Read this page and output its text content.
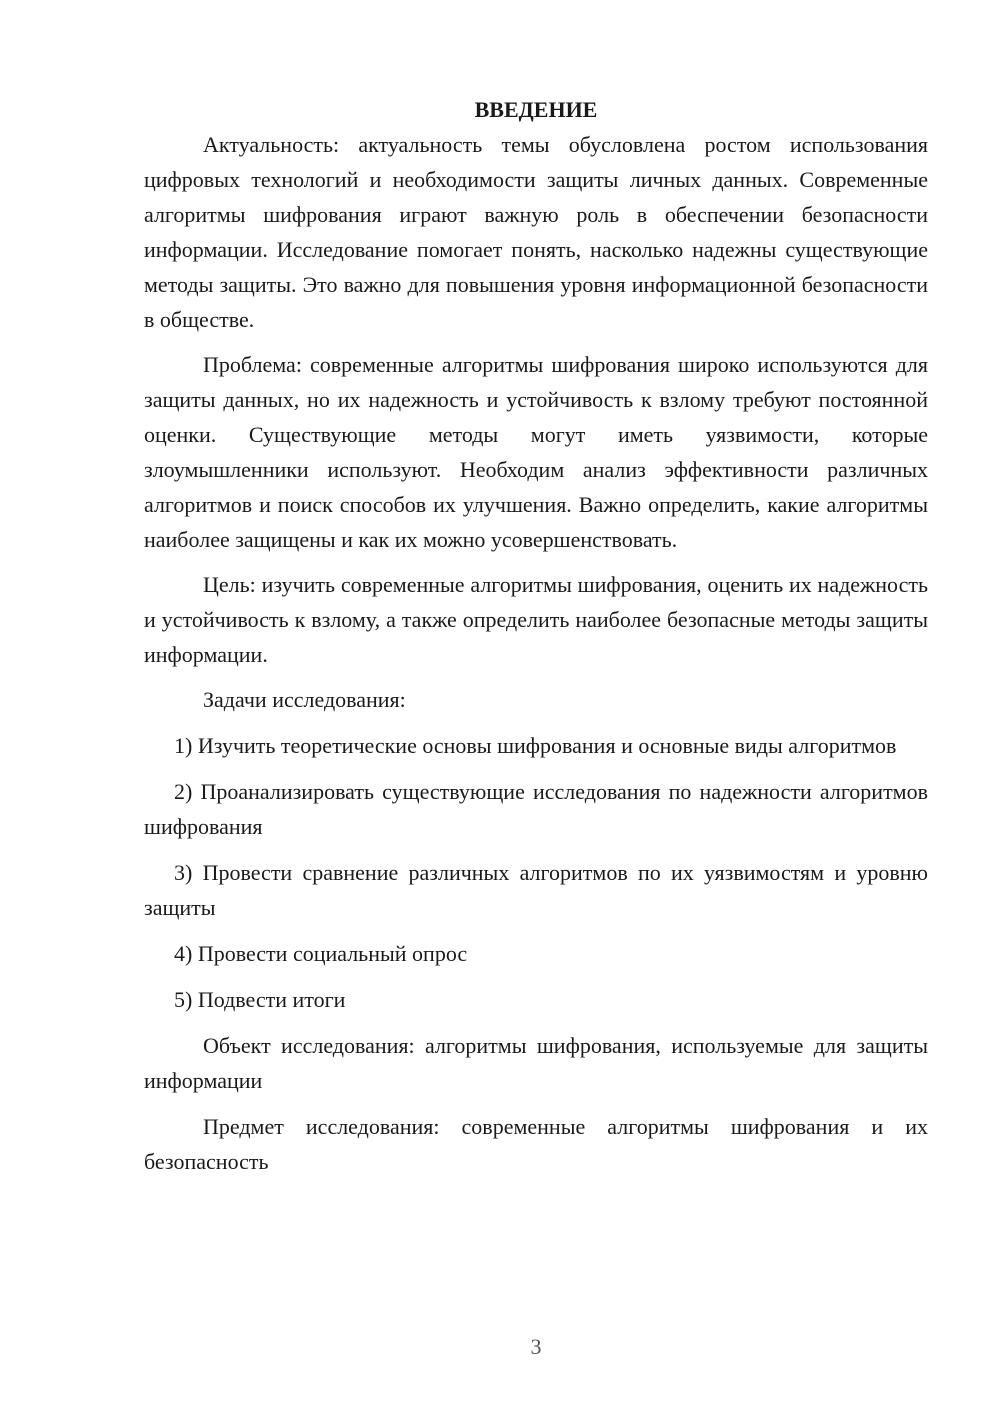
ВВЕДЕНИЕ

Актуальность: актуальность темы обусловлена ростом использования цифровых технологий и необходимости защиты личных данных. Современные алгоритмы шифрования играют важную роль в обеспечении безопасности информации. Исследование помогает понять, насколько надежны существующие методы защиты. Это важно для повышения уровня информационной безопасности в обществе.

Проблема: современные алгоритмы шифрования широко используются для защиты данных, но их надежность и устойчивость к взлому требуют постоянной оценки. Существующие методы могут иметь уязвимости, которые злоумышленники используют. Необходим анализ эффективности различных алгоритмов и поиск способов их улучшения. Важно определить, какие алгоритмы наиболее защищены и как их можно усовершенствовать.

Цель: изучить современные алгоритмы шифрования, оценить их надежность и устойчивость к взлому, а также определить наиболее безопасные методы защиты информации.

Задачи исследования:

1) Изучить теоретические основы шифрования и основные виды алгоритмов

2) Проанализировать существующие исследования по надежности алгоритмов шифрования

3) Провести сравнение различных алгоритмов по их уязвимостям и уровню защиты

4) Провести социальный опрос

5) Подвести итоги

Объект исследования: алгоритмы шифрования, используемые для защиты информации

Предмет исследования: современные алгоритмы шифрования и их безопасность

3
